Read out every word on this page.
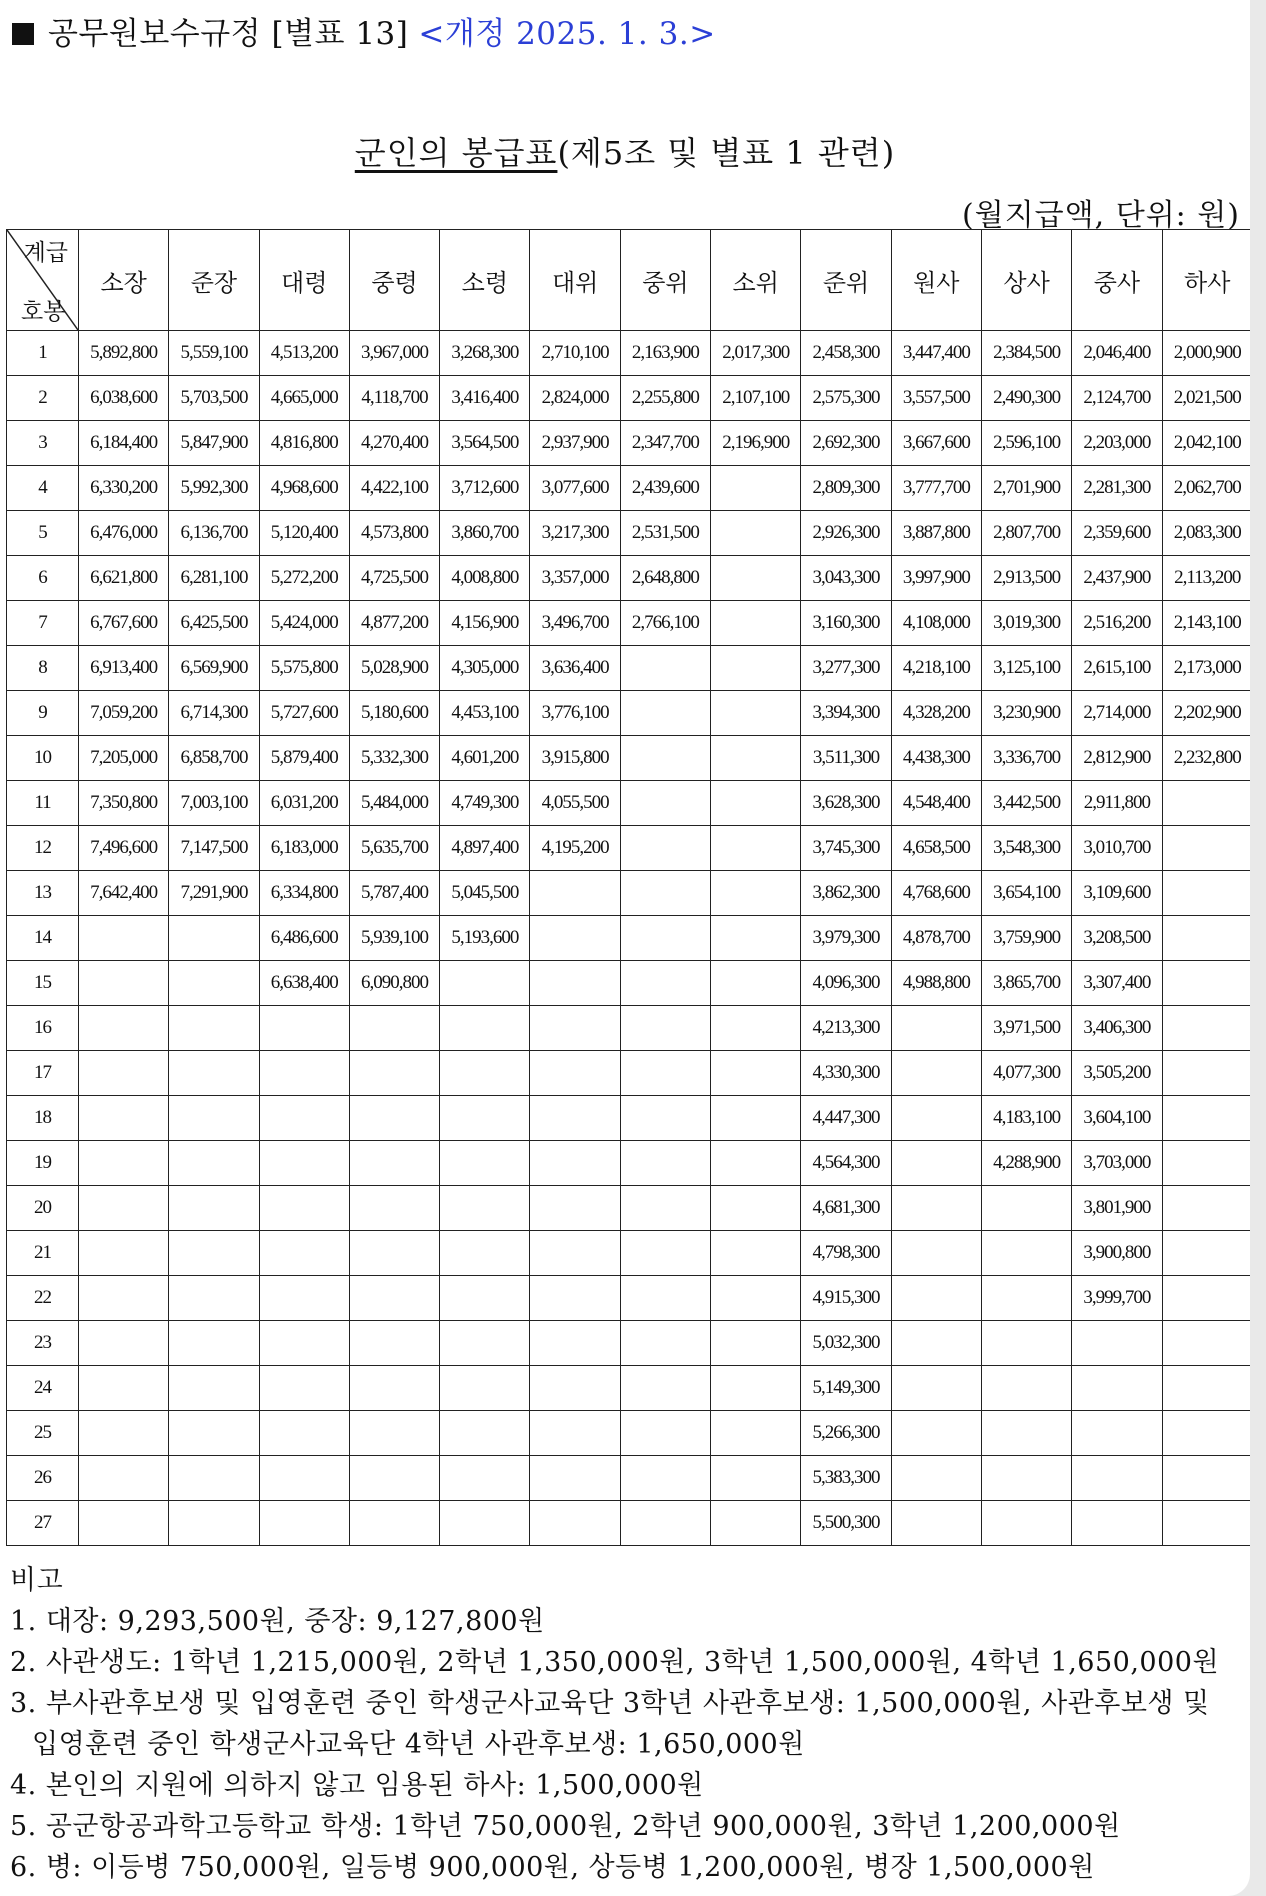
공무원보수규정 [별표 13] <개정 2025. 1. 3.>
군인의 봉급표(제5조 및 별표 1 관련)
(월지급액, 단위: 원)
계급
호봉	소장	준장	대령	중령	소령	대위	중위	소위	준위	원사	상사	중사	하사
1	5,892,800	5,559,100	4,513,200	3,967,000	3,268,300	2,710,100	2,163,900	2,017,300	2,458,300	3,447,400	2,384,500	2,046,400	2,000,900
2	6,038,600	5,703,500	4,665,000	4,118,700	3,416,400	2,824,000	2,255,800	2,107,100	2,575,300	3,557,500	2,490,300	2,124,700	2,021,500
3	6,184,400	5,847,900	4,816,800	4,270,400	3,564,500	2,937,900	2,347,700	2,196,900	2,692,300	3,667,600	2,596,100	2,203,000	2,042,100
4	6,330,200	5,992,300	4,968,600	4,422,100	3,712,600	3,077,600	2,439,600		2,809,300	3,777,700	2,701,900	2,281,300	2,062,700
5	6,476,000	6,136,700	5,120,400	4,573,800	3,860,700	3,217,300	2,531,500		2,926,300	3,887,800	2,807,700	2,359,600	2,083,300
6	6,621,800	6,281,100	5,272,200	4,725,500	4,008,800	3,357,000	2,648,800		3,043,300	3,997,900	2,913,500	2,437,900	2,113,200
7	6,767,600	6,425,500	5,424,000	4,877,200	4,156,900	3,496,700	2,766,100		3,160,300	4,108,000	3,019,300	2,516,200	2,143,100
8	6,913,400	6,569,900	5,575,800	5,028,900	4,305,000	3,636,400			3,277,300	4,218,100	3,125,100	2,615,100	2,173,000
9	7,059,200	6,714,300	5,727,600	5,180,600	4,453,100	3,776,100			3,394,300	4,328,200	3,230,900	2,714,000	2,202,900
10	7,205,000	6,858,700	5,879,400	5,332,300	4,601,200	3,915,800			3,511,300	4,438,300	3,336,700	2,812,900	2,232,800
11	7,350,800	7,003,100	6,031,200	5,484,000	4,749,300	4,055,500			3,628,300	4,548,400	3,442,500	2,911,800	
12	7,496,600	7,147,500	6,183,000	5,635,700	4,897,400	4,195,200			3,745,300	4,658,500	3,548,300	3,010,700	
13	7,642,400	7,291,900	6,334,800	5,787,400	5,045,500				3,862,300	4,768,600	3,654,100	3,109,600	
14			6,486,600	5,939,100	5,193,600				3,979,300	4,878,700	3,759,900	3,208,500	
15			6,638,400	6,090,800					4,096,300	4,988,800	3,865,700	3,307,400	
16									4,213,300		3,971,500	3,406,300	
17									4,330,300		4,077,300	3,505,200	
18									4,447,300		4,183,100	3,604,100	
19									4,564,300		4,288,900	3,703,000	
20									4,681,300			3,801,900	
21									4,798,300			3,900,800	
22									4,915,300			3,999,700	
23									5,032,300				
24									5,149,300				
25									5,266,300				
26									5,383,300				
27									5,500,300				
비고
1. 대장: 9,293,500원, 중장: 9,127,800원
2. 사관생도: 1학년 1,215,000원, 2학년 1,350,000원, 3학년 1,500,000원, 4학년 1,650,000원
3. 부사관후보생 및 입영훈련 중인 학생군사교육단 3학년 사관후보생: 1,500,000원, 사관후보생 및
입영훈련 중인 학생군사교육단 4학년 사관후보생: 1,650,000원
4. 본인의 지원에 의하지 않고 임용된 하사: 1,500,000원
5. 공군항공과학고등학교 학생: 1학년 750,000원, 2학년 900,000원, 3학년 1,200,000원
6. 병: 이등병 750,000원, 일등병 900,000원, 상등병 1,200,000원, 병장 1,500,000원
